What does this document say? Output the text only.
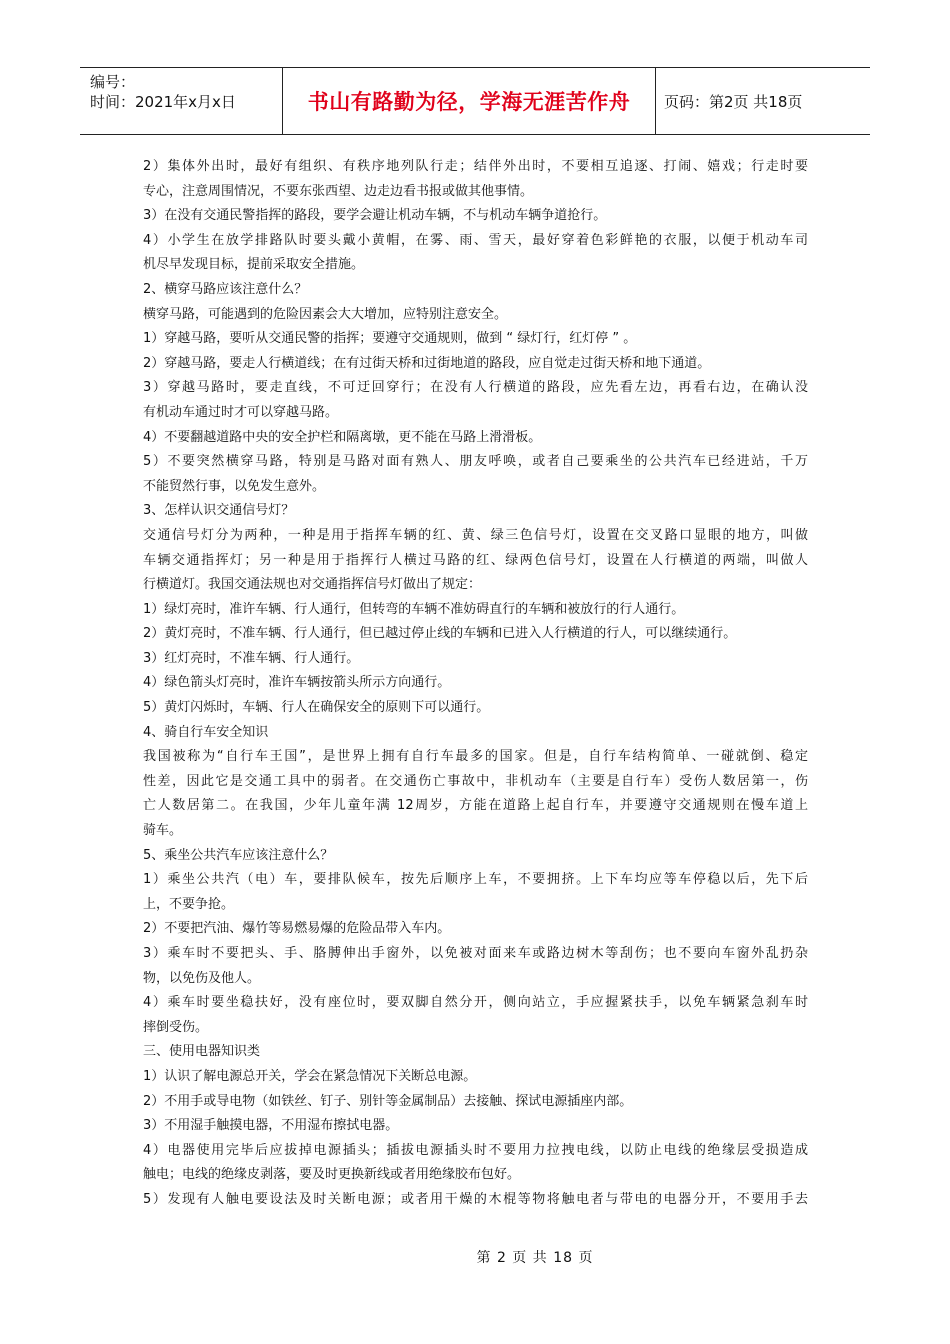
编号：
时间：2021年x月x日	书山有路勤为径，学海无涯苦作舟	页码：第2页 共18页
2）集体外出时，最好有组织、有秩序地列队行走；结伴外出时，不要相互追逐、打闹、嬉戏；行走时要
专心，注意周围情况，不要东张西望、边走边看书报或做其他事情。
3）在没有交通民警指挥的路段，要学会避让机动车辆，不与机动车辆争道抢行。
4）小学生在放学排路队时要头戴小黄帽，在雾、雨、雪天，最好穿着色彩鲜艳的衣服，以便于机动车司
机尽早发现目标，提前采取安全措施。
2、横穿马路应该注意什么？
横穿马路，可能遇到的危险因素会大大增加，应特别注意安全。
1）穿越马路，要听从交通民警的指挥；要遵守交通规则，做到 “ 绿灯行，红灯停 ” 。
2）穿越马路，要走人行横道线；在有过街天桥和过街地道的路段，应自觉走过街天桥和地下通道。
3）穿越马路时，要走直线，不可迂回穿行；在没有人行横道的路段，应先看左边，再看右边，在确认没
有机动车通过时才可以穿越马路。
4）不要翻越道路中央的安全护栏和隔离墩，更不能在马路上滑滑板。
5）不要突然横穿马路，特别是马路对面有熟人、朋友呼唤，或者自己要乘坐的公共汽车已经进站，千万
不能贸然行事，以免发生意外。
3、怎样认识交通信号灯？
交通信号灯分为两种，一种是用于指挥车辆的红、黄、绿三色信号灯，设置在交叉路口显眼的地方，叫做
车辆交通指挥灯；另一种是用于指挥行人横过马路的红、绿两色信号灯，设置在人行横道的两端，叫做人
行横道灯。我国交通法规也对交通指挥信号灯做出了规定：
1）绿灯亮时，准许车辆、行人通行，但转弯的车辆不准妨碍直行的车辆和被放行的行人通行。
2）黄灯亮时，不准车辆、行人通行，但已越过停止线的车辆和已进入人行横道的行人，可以继续通行。
3）红灯亮时，不准车辆、行人通行。
4）绿色箭头灯亮时，准许车辆按箭头所示方向通行。
5）黄灯闪烁时，车辆、行人在确保安全的原则下可以通行。
4、骑自行车安全知识
我国被称为“自行车王国”，是世界上拥有自行车最多的国家。但是，自行车结构简单、一碰就倒、稳定
性差，因此它是交通工具中的弱者。在交通伤亡事故中，非机动车（主要是自行车）受伤人数居第一，伤
亡人数居第二。在我国，少年儿童年满 12周岁，方能在道路上起自行车，并要遵守交通规则在慢车道上
骑车。
5、乘坐公共汽车应该注意什么？
1）乘坐公共汽（电）车，要排队候车，按先后顺序上车，不要拥挤。上下车均应等车停稳以后，先下后
上，不要争抢。
2）不要把汽油、爆竹等易燃易爆的危险品带入车内。
3）乘车时不要把头、手、胳膊伸出手窗外，以免被对面来车或路边树木等刮伤；也不要向车窗外乱扔杂
物，以免伤及他人。
4）乘车时要坐稳扶好，没有座位时，要双脚自然分开，侧向站立，手应握紧扶手，以免车辆紧急刹车时
摔倒受伤。
三、使用电器知识类
1）认识了解电源总开关，学会在紧急情况下关断总电源。
2）不用手或导电物（如铁丝、钉子、别针等金属制品）去接触、探试电源插座内部。
3）不用湿手触摸电器，不用湿布擦拭电器。
4）电器使用完毕后应拔掉电源插头；插拔电源插头时不要用力拉拽电线，以防止电线的绝缘层受损造成
触电；电线的绝缘皮剥落，要及时更换新线或者用绝缘胶布包好。
5）发现有人触电要设法及时关断电源；或者用干燥的木棍等物将触电者与带电的电器分开，不要用手去
第 2 页 共 18 页
